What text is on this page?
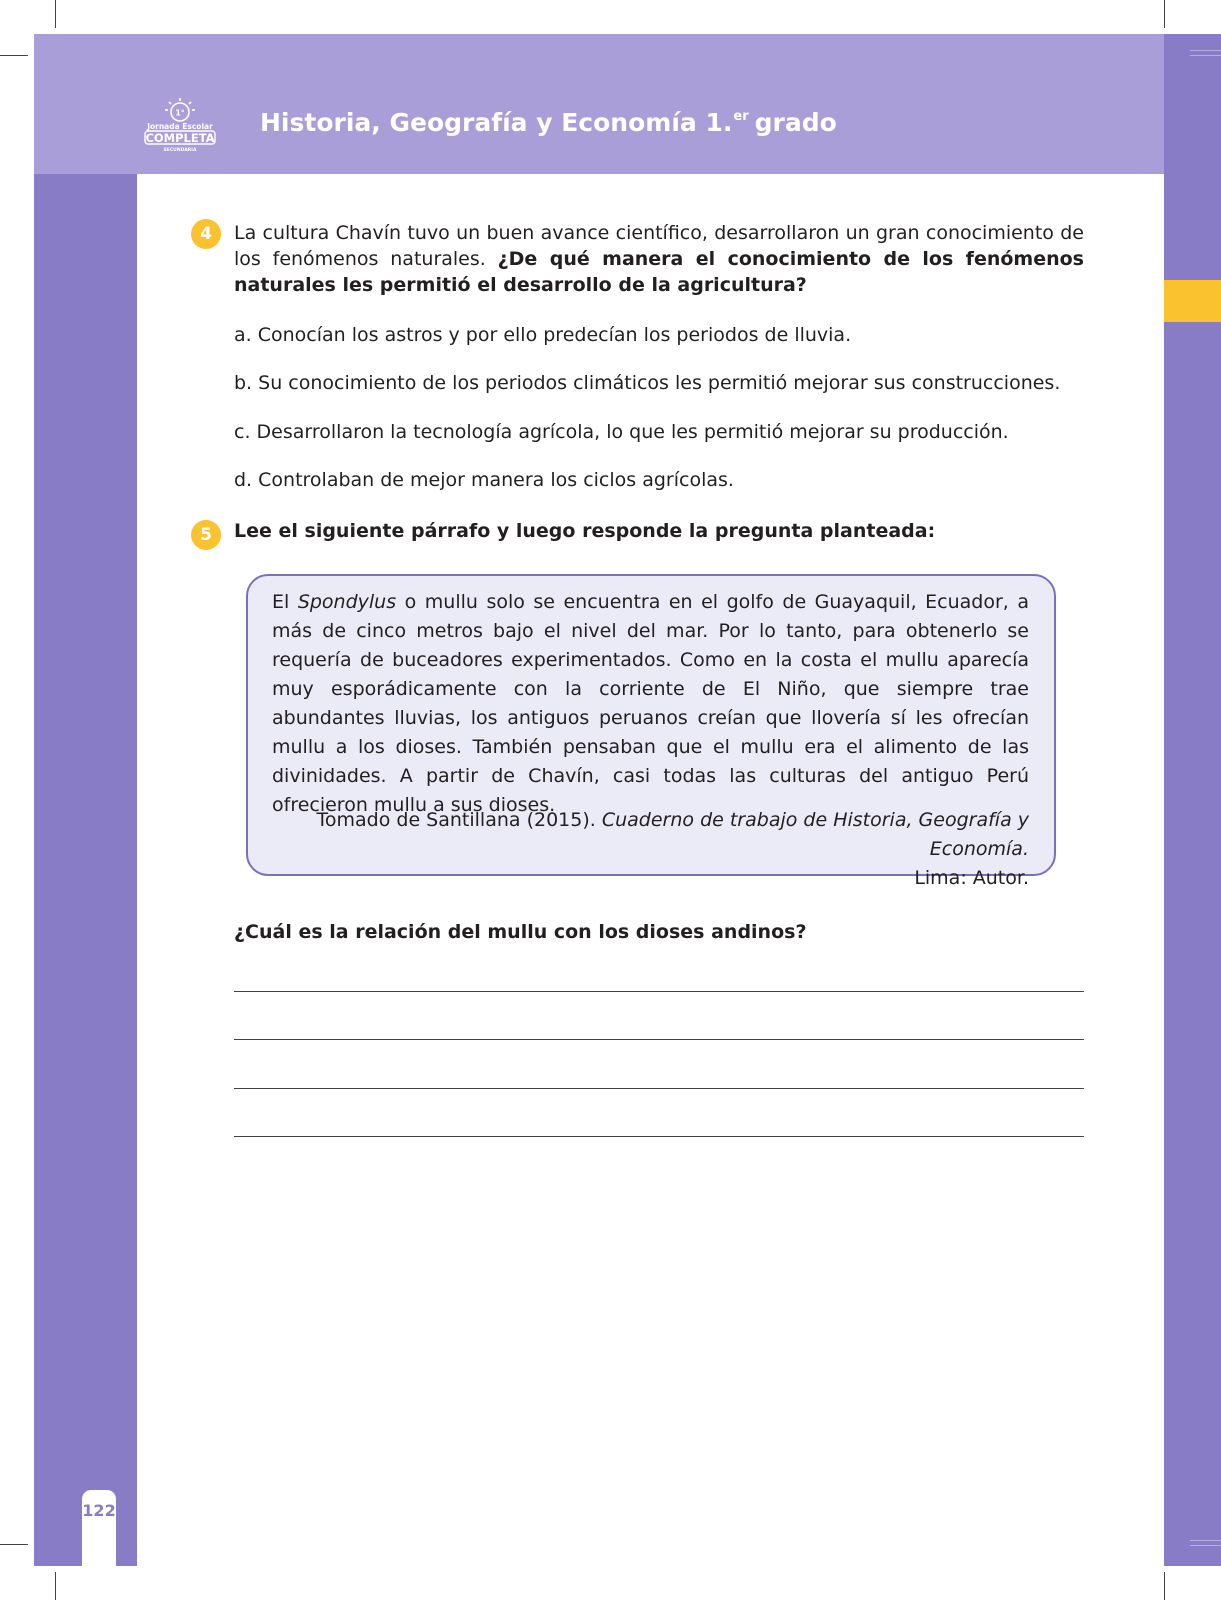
1°
Jornada Escolar
COMPLETA
SECUNDARIA
Historia, Geografía y Economía 1.$^{er}$ grado
4	La cultura Chavín tuvo un buen avance científico, desarrollaron un gran conocimiento de los fenómenos naturales. ¿De qué manera el conocimiento de los fenómenos naturales les permitió el desarrollo de la agricultura?
a. Conocían los astros y por ello predecían los periodos de lluvia.
b. Su conocimiento de los periodos climáticos les permitió mejorar sus construcciones.
c. Desarrollaron la tecnología agrícola, lo que les permitió mejorar su producción.
d. Controlaban de mejor manera los ciclos agrícolas.
5	Lee el siguiente párrafo y luego responde la pregunta planteada:
El Spondylus o mullu solo se encuentra en el golfo de Guayaquil, Ecuador, a más de cinco metros bajo el nivel del mar. Por lo tanto, para obtenerlo se requería de buceadores experimentados. Como en la costa el mullu aparecía muy esporádicamente con la corriente de El Niño, que siempre trae abundantes lluvias, los antiguos peruanos creían que llovería sí les ofrecían mullu a los dioses. También pensaban que el mullu era el alimento de las divinidades. A partir de Chavín, casi todas las culturas del antiguo Perú ofrecieron mullu a sus dioses.
Tomado de Santillana (2015). Cuaderno de trabajo de Historia, Geografía y Economía.
Lima: Autor.
¿Cuál es la relación del mullu con los dioses andinos?
122
